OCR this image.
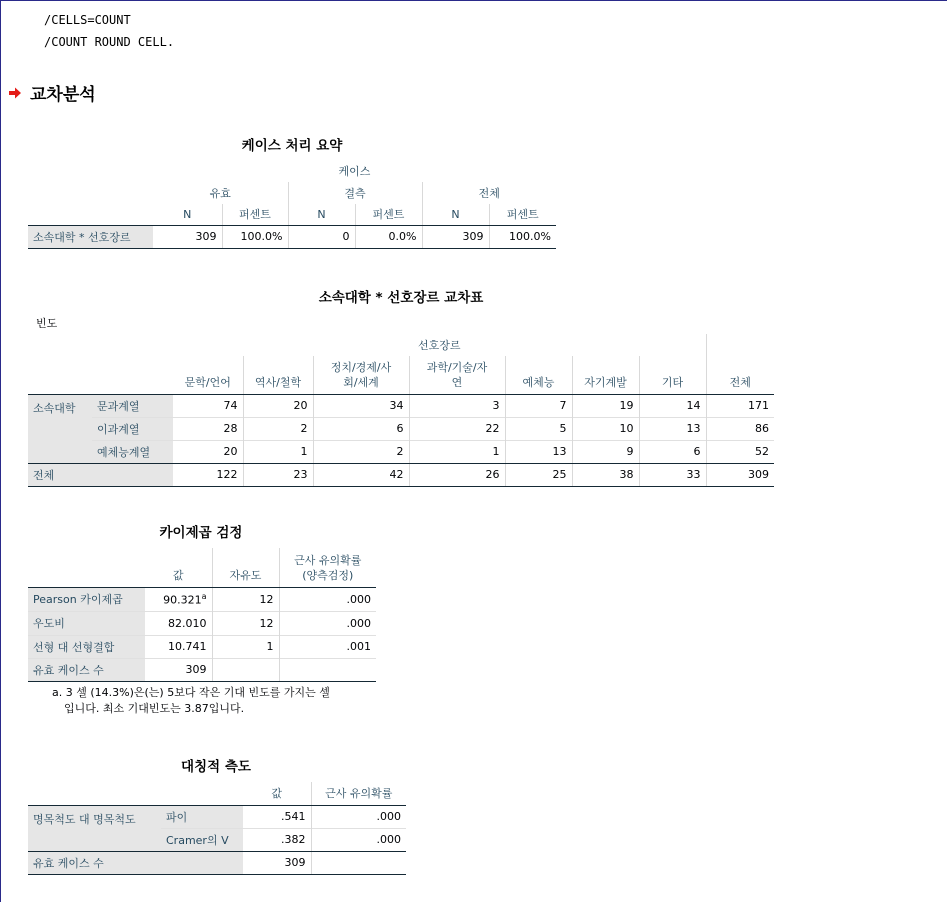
/CELLS=COUNT
/COUNT ROUND CELL.
교차분석
케이스 처리 요약
	케이스					
	유효		결측		전체	
	N	퍼센트	N	퍼센트	N	퍼센트
소속대학 * 선호장르	309	100.0%	0	0.0%	309	100.0%
소속대학 * 선호장르 교차표
빈도
		선호장르							
		문학/언어	역사/철학	정치/경제/사
회/세계	과학/기술/자
연	예체능	자기계발	기타	전체
소속대학	문과계열	74	20	34	3	7	19	14	171
	이과계열	28	2	6	22	5	10	13	86
	예체능계열	20	1	2	1	13	9	6	52
전체		122	23	42	26	25	38	33	309
카이제곱 검정
	값	자유도	근사 유의확률
(양측검정)
Pearson 카이제곱	90.321$^a$	12	.000
우도비	82.010	12	.000
선형 대 선형결합	10.741	1	.001
유효 케이스 수	309		
a. 3 셀 (14.3%)은(는) 5보다 작은 기대 빈도를 가지는 셀
입니다. 최소 기대빈도는 3.87입니다.
대칭적 측도
		값	근사 유의확률
명목척도 대 명목척도	파이	.541	.000
	Cramer의 V	.382	.000
유효 케이스 수		309	
